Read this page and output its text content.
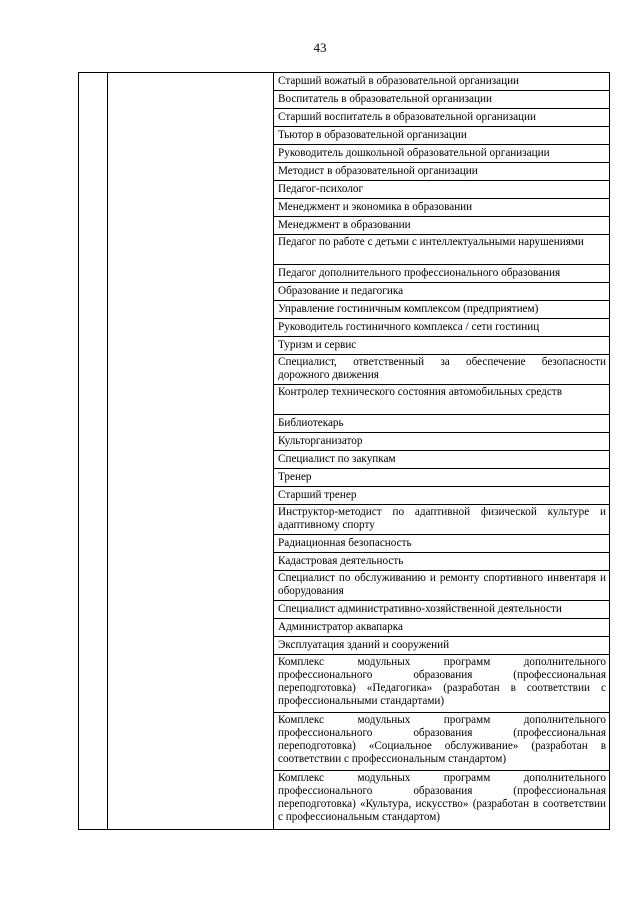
43

Старший вожатый в образовательной организации
Воспитатель в образовательной организации
Старший воспитатель в образовательной организации
Тьютор в образовательной организации
Руководитель дошкольной образовательной организации
Методист в образовательной организации
Педагог-психолог
Менеджмент и экономика в образовании
Менеджмент в образовании
Педагог по работе с детьми с интеллектуальными нарушениями
Педагог дополнительного профессионального образования
Образование и педагогика
Управление гостиничным комплексом (предприятием)
Руководитель гостиничного комплекса / сети гостиниц
Туризм и сервис
Специалист, ответственный за обеспечение безопасности дорожного движения
Контролер технического состояния автомобильных средств
Библиотекарь
Культорганизатор
Специалист по закупкам
Тренер
Старший тренер
Инструктор-методист по адаптивной физической культуре и адаптивному спорту
Радиационная безопасность
Кадастровая деятельность
Специалист по обслуживанию и ремонту спортивного инвентаря и оборудования
Специалист административно-хозяйственной деятельности
Администратор аквапарка
Эксплуатация зданий и сооружений
Комплекс модульных программ дополнительного профессионального образования (профессиональная переподготовка) «Педагогика» (разработан в соответствии с профессиональными стандартами)
Комплекс модульных программ дополнительного профессионального образования (профессиональная переподготовка) «Социальное обслуживание» (разработан в соответствии с профессиональным стандартом)
Комплекс модульных программ дополнительного профессионального образования (профессиональная переподготовка) «Культура, искусство» (разработан в соответствии с профессиональным стандартом)
